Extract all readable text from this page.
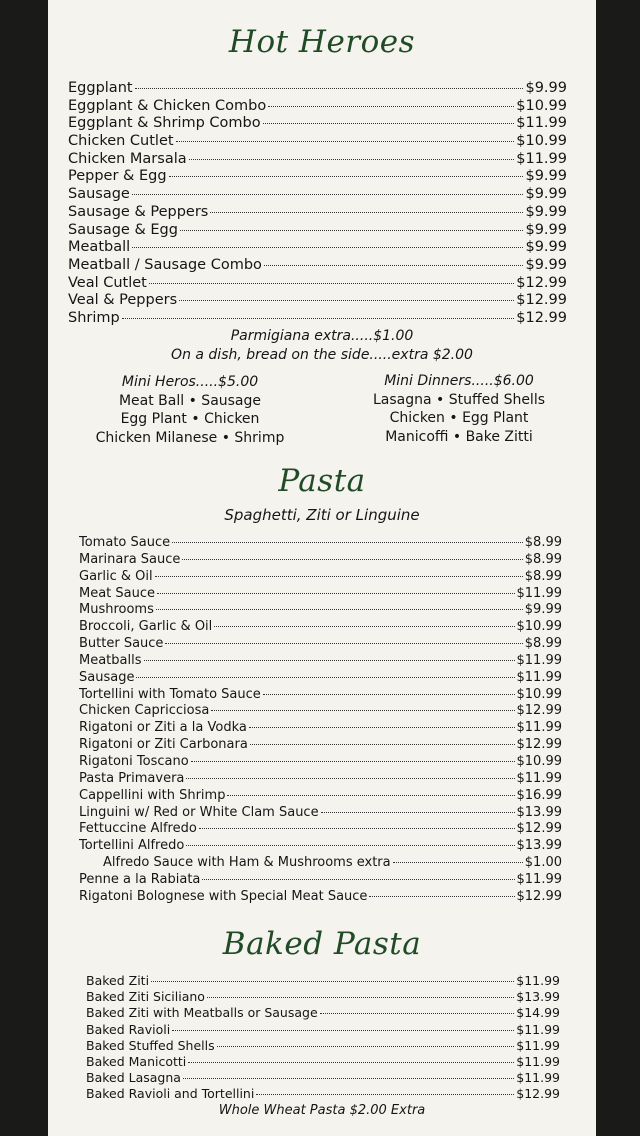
Hot Heroes
Eggplant	$9.99
Eggplant & Chicken Combo	$10.99
Eggplant & Shrimp Combo	$11.99
Chicken Cutlet	$10.99
Chicken Marsala	$11.99
Pepper & Egg	$9.99
Sausage	$9.99
Sausage & Peppers	$9.99
Sausage & Egg	$9.99
Meatball	$9.99
Meatball / Sausage Combo	$9.99
Veal Cutlet	$12.99
Veal & Peppers	$12.99
Shrimp	$12.99
Parmigiana extra.....$1.00
On a dish, bread on the side.....extra $2.00
Mini Heros.....$5.00
Meat Ball • Sausage
Egg Plant • Chicken
Chicken Milanese • Shrimp
Mini Dinners.....$6.00
Lasagna • Stuffed Shells
Chicken • Egg Plant
Manicoffi • Bake Zitti
Pasta
Spaghetti, Ziti or Linguine
Tomato Sauce	$8.99
Marinara Sauce	$8.99
Garlic & Oil	$8.99
Meat Sauce	$11.99
Mushrooms	$9.99
Broccoli, Garlic & Oil	$10.99
Butter Sauce	$8.99
Meatballs	$11.99
Sausage	$11.99
Tortellini with Tomato Sauce	$10.99
Chicken Capricciosa	$12.99
Rigatoni or Ziti a la Vodka	$11.99
Rigatoni or Ziti Carbonara	$12.99
Rigatoni Toscano	$10.99
Pasta Primavera	$11.99
Cappellini with Shrimp	$16.99
Linguini w/ Red or White Clam Sauce	$13.99
Fettuccine Alfredo	$12.99
Tortellini Alfredo	$13.99
Alfredo Sauce with Ham & Mushrooms extra	$1.00
Penne a la Rabiata	$11.99
Rigatoni Bolognese with Special Meat Sauce	$12.99
Baked Pasta
Baked Ziti	$11.99
Baked Ziti Siciliano	$13.99
Baked Ziti with Meatballs or Sausage	$14.99
Baked Ravioli	$11.99
Baked Stuffed Shells	$11.99
Baked Manicotti	$11.99
Baked Lasagna	$11.99
Baked Ravioli and Tortellini	$12.99
Whole Wheat Pasta $2.00 Extra
